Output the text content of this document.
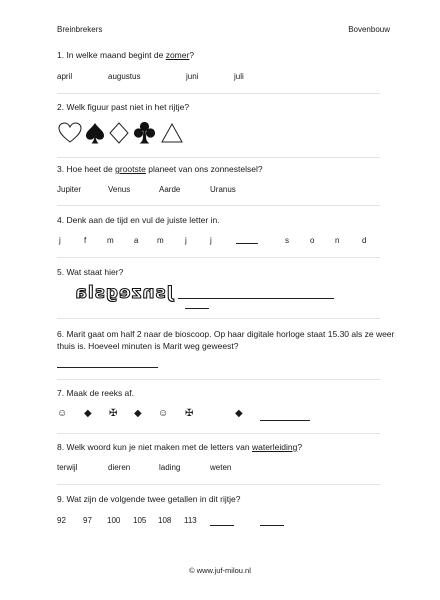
Breinbrekers	Bovenbouw
1. In welke maand begint de zomer?
april	augustus	juni	juli
2. Welk figuur past niet in het rijtje?
3. Hoe heet de grootste planeet van ons zonnestelsel?
Jupiter	Venus	Aarde	Uranus
4. Denk aan de tijd en vul de juiste letter in.
j	f	m	a m	j	j	s	o	n	d
5. Wat staat hier?
Jsnzegsla
6. Marit gaat om half 2 naar de bioscoop. Op haar digitale horloge staat 15.30 als ze weer
thuis is. Hoeveel minuten is Marit weg geweest?
7. Maak de reeks af.
☺ ◆ ✠ ◆ ☺ ✠	◆
8. Welk woord kun je niet maken met de letters van waterleiding?
terwijl	dieren	lading	weten
9. Wat zijn de volgende twee getallen in dit rijtje?
92 97 100 105 108 113
© www.juf-milou.nl
